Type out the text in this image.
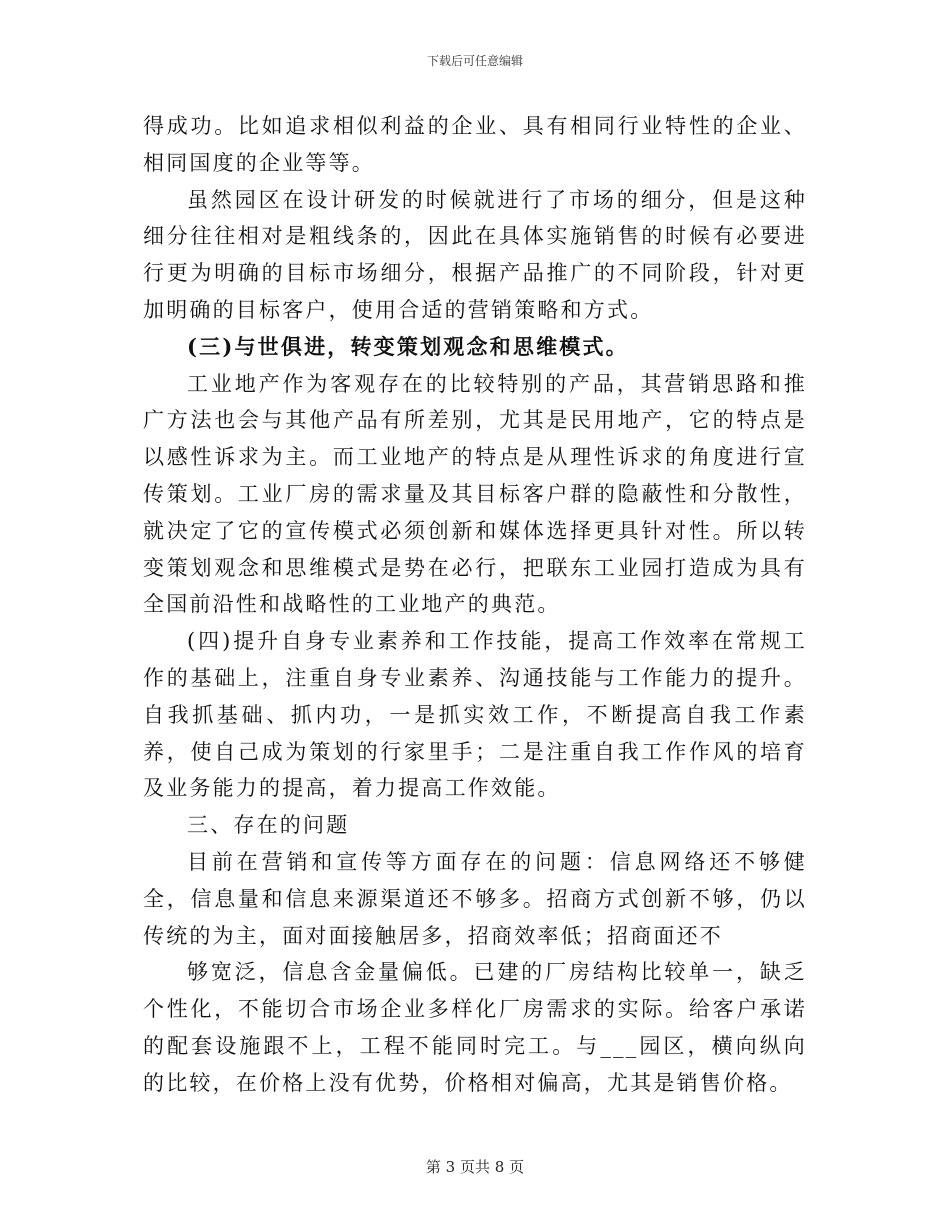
下载后可任意编辑

得成功。比如追求相似利益的企业、具有相同行业特性的企业、相同国度的企业等等。

虽然园区在设计研发的时候就进行了市场的细分，但是这种细分往往相对是粗线条的，因此在具体实施销售的时候有必要进行更为明确的目标市场细分，根据产品推广的不同阶段，针对更加明确的目标客户，使用合适的营销策略和方式。

(三)与世俱进，转变策划观念和思维模式。

工业地产作为客观存在的比较特别的产品，其营销思路和推广方法也会与其他产品有所差别，尤其是民用地产，它的特点是以感性诉求为主。而工业地产的特点是从理性诉求的角度进行宣传策划。工业厂房的需求量及其目标客户群的隐蔽性和分散性，就决定了它的宣传模式必须创新和媒体选择更具针对性。所以转变策划观念和思维模式是势在必行，把联东工业园打造成为具有全国前沿性和战略性的工业地产的典范。

(四)提升自身专业素养和工作技能，提高工作效率在常规工作的基础上，注重自身专业素养、沟通技能与工作能力的提升。自我抓基础、抓内功，一是抓实效工作，不断提高自我工作素养，使自己成为策划的行家里手；二是注重自我工作作风的培育及业务能力的提高，着力提高工作效能。

三、存在的问题

目前在营销和宣传等方面存在的问题：信息网络还不够健全，信息量和信息来源渠道还不够多。招商方式创新不够，仍以传统的为主，面对面接触居多，招商效率低；招商面还不

够宽泛，信息含金量偏低。已建的厂房结构比较单一，缺乏个性化，不能切合市场企业多样化厂房需求的实际。给客户承诺的配套设施跟不上，工程不能同时完工。与___园区，横向纵向的比较，在价格上没有优势，价格相对偏高，尤其是销售价格。

第 3 页共 8 页
